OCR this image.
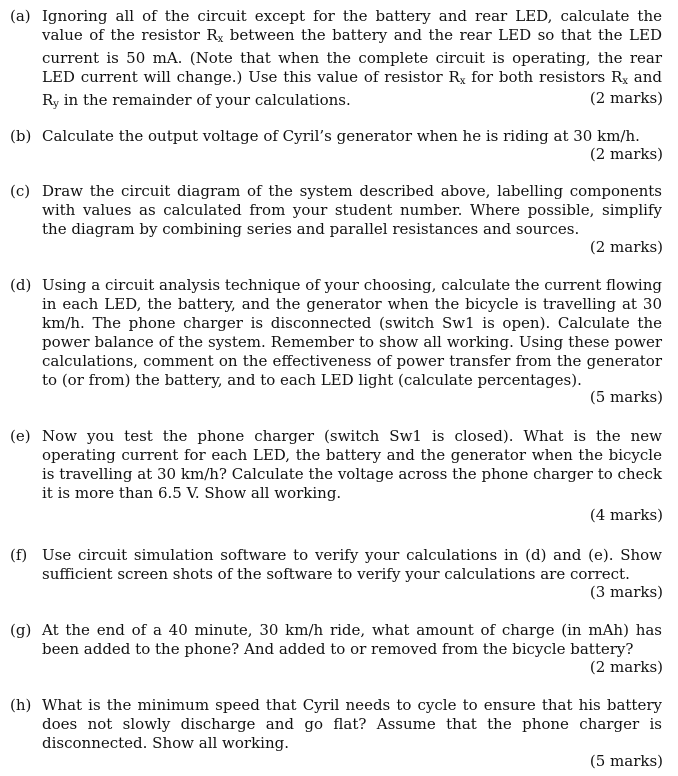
(a) Ignoring all of the circuit except for the battery and rear LED, calculate the value of the resistor $R_x$ between the battery and the rear LED so that the LED current is 50 mA. (Note that when the complete circuit is operating, the rear LED current will change.) Use this value of resistor $R_x$ for both resistors $R_x$ and $R_y$ in the remainder of your calculations.	(2 marks)
(b) Calculate the output voltage of Cyril’s generator when he is riding at 30 km/h.
(2 marks)
(c) Draw the circuit diagram of the system described above, labelling components with values as calculated from your student number. Where possible, simplify the diagram by combining series and parallel resistances and sources.
(2 marks)
(d) Using a circuit analysis technique of your choosing, calculate the current flowing in each LED, the battery, and the generator when the bicycle is travelling at 30 km/h. The phone charger is disconnected (switch Sw1 is open). Calculate the power balance of the system. Remember to show all working. Using these power calculations, comment on the effectiveness of power transfer from the generator to (or from) the battery, and to each LED light (calculate percentages).
(5 marks)
(e) Now you test the phone charger (switch Sw1 is closed). What is the new operating current for each LED, the battery and the generator when the bicycle is travelling at 30 km/h? Calculate the voltage across the phone charger to check it is more than 6.5 V. Show all working.
(4 marks)
(f) Use circuit simulation software to verify your calculations in (d) and (e). Show sufficient screen shots of the software to verify your calculations are correct.
(3 marks)
(g) At the end of a 40 minute, 30 km/h ride, what amount of charge (in mAh) has been added to the phone? And added to or removed from the bicycle battery?
(2 marks)
(h) What is the minimum speed that Cyril needs to cycle to ensure that his battery does not slowly discharge and go flat? Assume that the phone charger is disconnected. Show all working.
(5 marks)
